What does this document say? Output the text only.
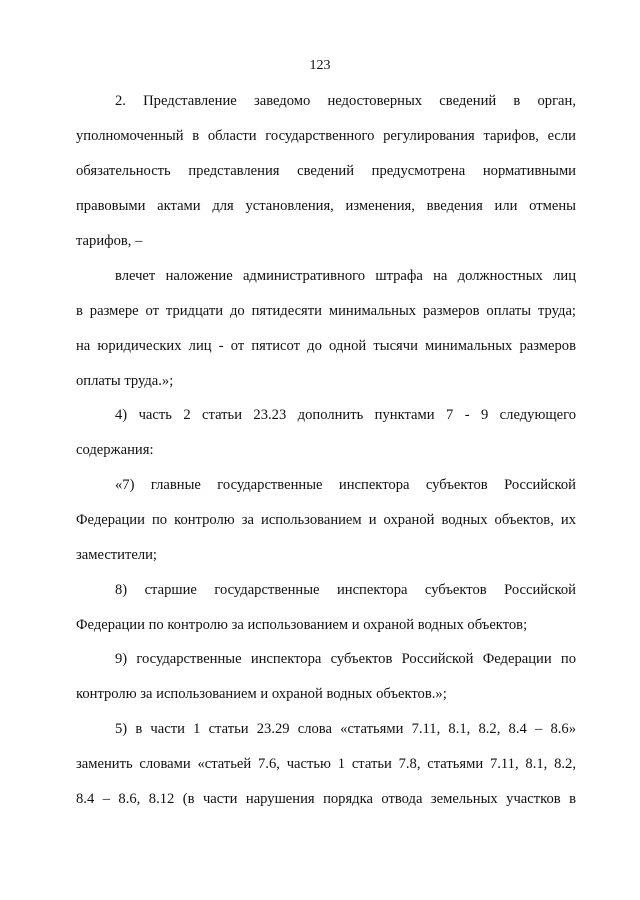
123
2. Представление заведомо недостоверных сведений в орган,
уполномоченный в области государственного регулирования тарифов, если
обязательность представления сведений предусмотрена нормативными
правовыми актами для установления, изменения, введения или отмены
тарифов, –
влечет наложение административного штрафа на должностных лиц
в размере от тридцати до пятидесяти минимальных размеров оплаты труда;
на юридических лиц - от пятисот до одной тысячи минимальных размеров
оплаты труда.»;
4) часть 2 статьи 23.23 дополнить пунктами 7 - 9 следующего
содержания:
«7) главные государственные инспектора субъектов Российской
Федерации по контролю за использованием и охраной водных объектов, их
заместители;
8) старшие государственные инспектора субъектов Российской
Федерации по контролю за использованием и охраной водных объектов;
9) государственные инспектора субъектов Российской Федерации по
контролю за использованием и охраной водных объектов.»;
5) в части 1 статьи 23.29 слова «статьями 7.11, 8.1, 8.2, 8.4 – 8.6»
заменить словами «статьей 7.6, частью 1 статьи 7.8, статьями 7.11, 8.1, 8.2,
8.4 – 8.6, 8.12 (в части нарушения порядка отвода земельных участков в
